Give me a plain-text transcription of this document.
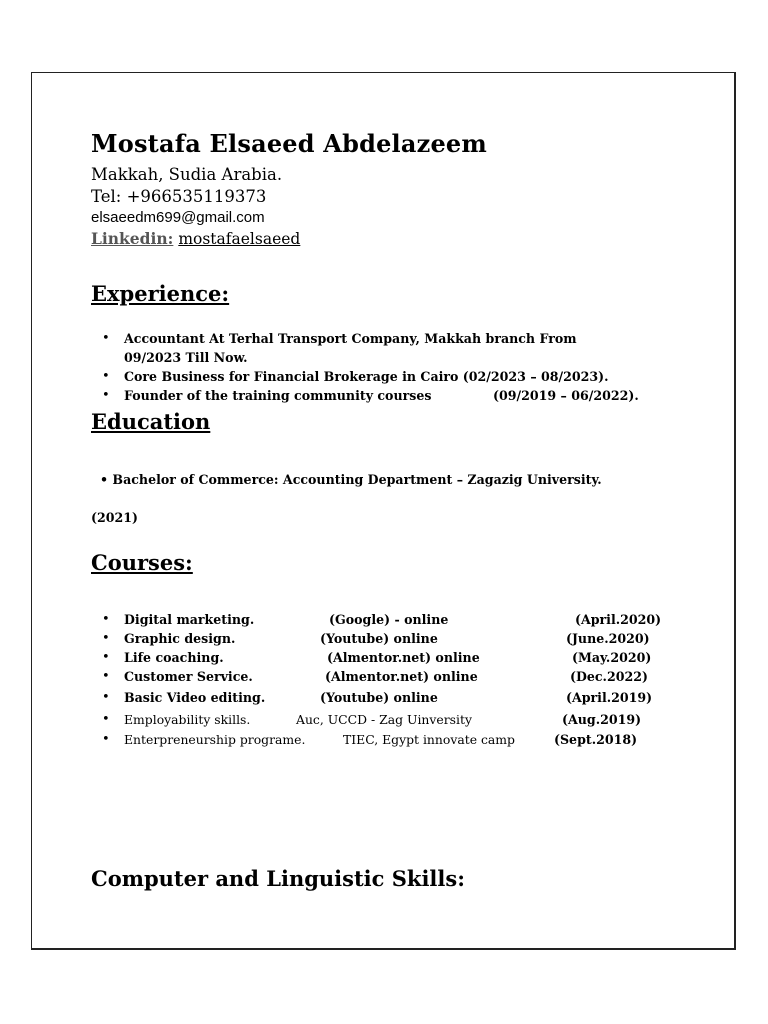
Mostafa Elsaeed Abdelazeem
Makkah, Sudia Arabia.
Tel: +966535119373
elsaeedm699@gmail.com
Linkedin: mostafaelsaeed
Experience:
• Accountant At Terhal Transport Company, Makkah branch From
09/2023 Till Now.
• Core Business for Financial Brokerage in Cairo (02/2023 – 08/2023).
• Founder of the training community courses	(09/2019 – 06/2022).
Education
• Bachelor of Commerce: Accounting Department – Zagazig University.
(2021)
Courses:
• Digital marketing.	(Google) - online	(April.2020)
• Graphic design.	(Youtube) online	(June.2020)
• Life coaching.	(Almentor.net) online	(May.2020)
• Customer Service.	(Almentor.net) online	(Dec.2022)
• Basic Video editing.	(Youtube) online	(April.2019)
• Employability skills.	Auc, UCCD - Zag Uinversity	(Aug.2019)
• Enterpreneurship programe.	TIEC, Egypt innovate camp	(Sept.2018)
Computer and Linguistic Skills:
